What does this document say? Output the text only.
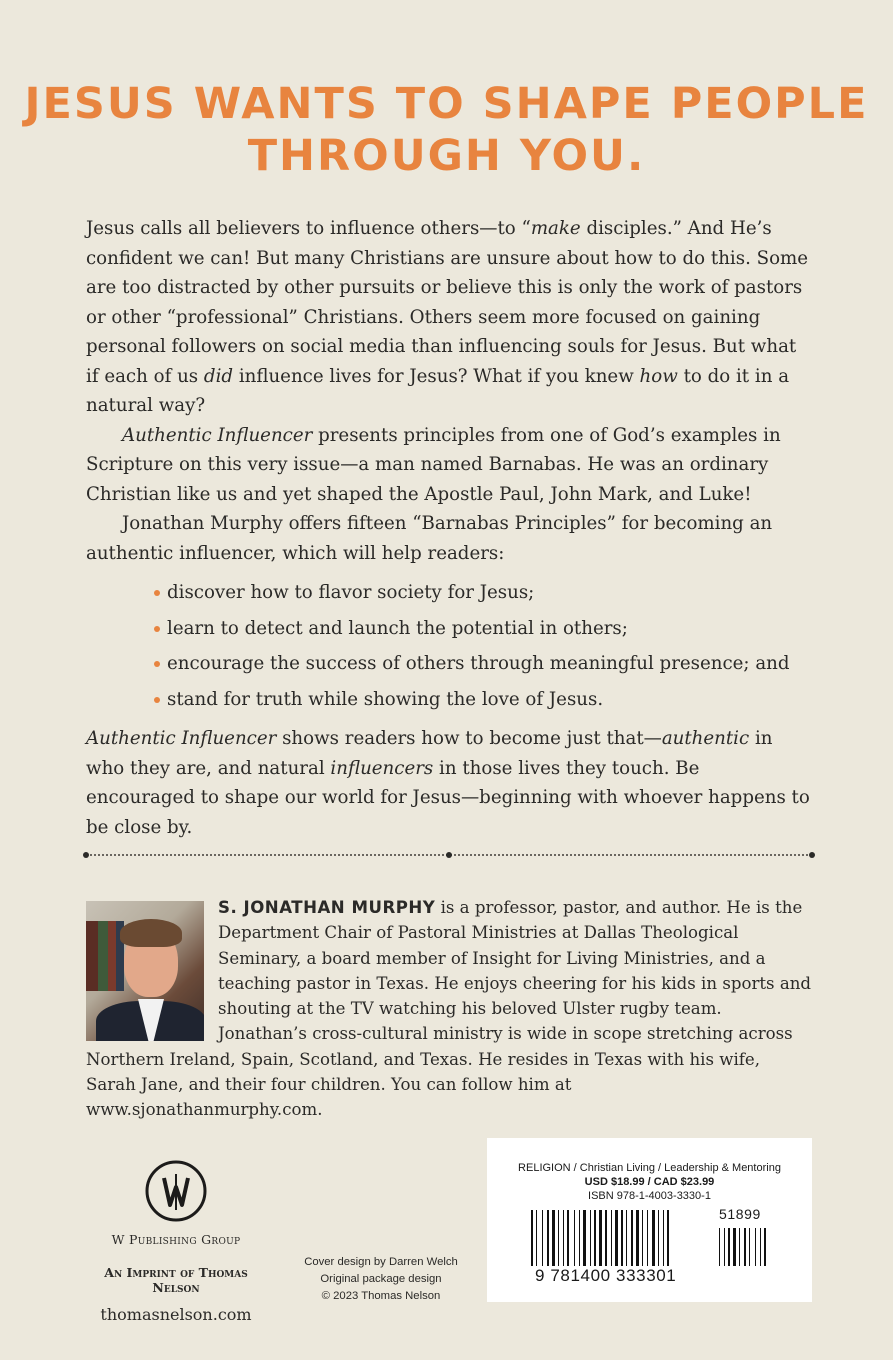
JESUS WANTS TO SHAPE PEOPLE
THROUGH YOU.

Jesus calls all believers to influence others—to “make disciples.” And He’s confident we can! But many Christians are unsure about how to do this. Some are too distracted by other pursuits or believe this is only the work of pastors or other “professional” Christians. Others seem more focused on gaining personal followers on social media than influencing souls for Jesus. But what if each of us did influence lives for Jesus? What if you knew how to do it in a natural way?

Authentic Influencer presents principles from one of God’s examples in Scripture on this very issue—a man named Barnabas. He was an ordinary Christian like us and yet shaped the Apostle Paul, John Mark, and Luke!

Jonathan Murphy offers fifteen “Barnabas Principles” for becoming an authentic influencer, which will help readers:

discover how to flavor society for Jesus;
learn to detect and launch the potential in others;
encourage the success of others through meaningful presence; and
stand for truth while showing the love of Jesus.

Authentic Influencer shows readers how to become just that—authentic in who they are, and natural influencers in those lives they touch. Be encouraged to shape our world for Jesus—beginning with whoever happens to be close by.

S. JONATHAN MURPHY is a professor, pastor, and author. He is the Department Chair of Pastoral Ministries at Dallas Theological Seminary, a board member of Insight for Living Ministries, and a teaching pastor in Texas. He enjoys cheering for his kids in sports and shouting at the TV watching his beloved Ulster rugby team. Jonathan’s cross-cultural ministry is wide in scope stretching across Northern Ireland, Spain, Scotland, and Texas. He resides in Texas with his wife, Sarah Jane, and their four children. You can follow him at www.sjonathanmurphy.com.
W Publishing Group
An Imprint of Thomas Nelson
thomasnelson.com
Cover design by Darren Welch
Original package design
© 2023 Thomas Nelson
RELIGION / Christian Living / Leadership & Mentoring
USD $18.99 / CAD $23.99
ISBN 978-1-4003-3330-1
9 781400 333301
51899
